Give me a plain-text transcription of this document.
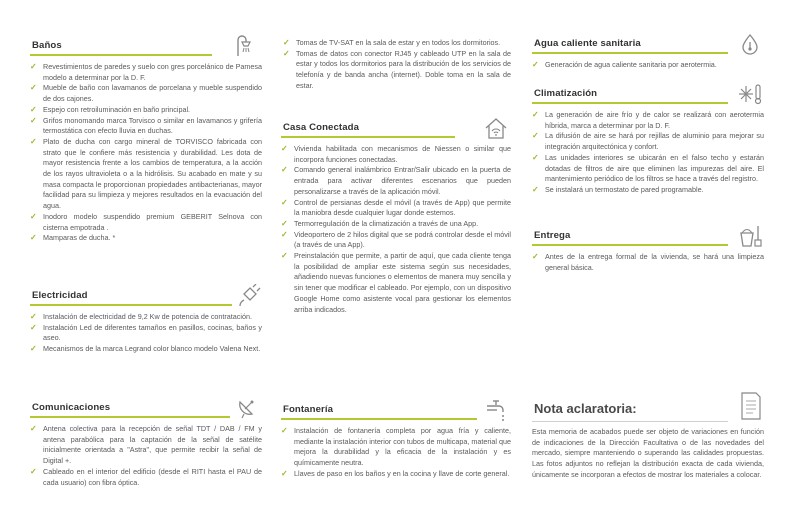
Baños
✓ Revestimientos de paredes y suelo con gres porcelánico de Pamesa modelo a determinar por la D. F.
✓ Mueble de baño con lavamanos de porcelana y mueble suspendido de dos cajones.
✓ Espejo con retroiluminación en baño principal.
✓ Grifos monomando marca Torvisco o similar en lavamanos y grifería termostática con efecto lluvia en duchas.
✓ Plato de ducha con cargo mineral de TORVISCO fabricada con strato que le confiere más resistencia y durabilidad. Les dota de mayor resistencia frente a los cambios de temperatura, a la acción de los rayos ultravioleta o a la hidrólisis. Su acabado en mate y su masa compacta le proporcionan propiedades antibacterianas, mayor facilidad para su limpieza y mejores resultados en la evacuación del agua.
✓ Inodoro modelo suspendido premium GEBERIT Selnova con cisterna empotrada .
✓ Mamparas de ducha. *
Electricidad
✓ Instalación de electricidad de 9,2 Kw de potencia de contratación.
✓ Instalación Led de diferentes tamaños en pasillos, cocinas, baños y aseo.
✓ Mecanismos de la marca Legrand color blanco modelo Valena Next.
Comunicaciones
✓ Antena colectiva para la recepción de señal TDT / DAB / FM y antena parabólica para la captación de la señal de satélite inicialmente orientada a "Astra", que permite recibir la señal de Digital +.
✓ Cableado en el interior del edificio (desde el RITI hasta el PAU de cada usuario) con fibra óptica.
✓ Tomas de TV-SAT en la sala de estar y en todos los dormitorios.
✓ Tomas de datos con conector RJ45 y cableado UTP en la sala de estar y todos los dormitorios para la distribución de los servicios de telefonía y de banda ancha (internet). Doble toma en la sala de estar.
Casa Conectada
✓ Vivienda habilitada con mecanismos de Niessen o similar que incorpora funciones conectadas.
✓ Comando general inalámbrico Entrar/Salir ubicado en la puerta de entrada para activar diferentes escenarios que pueden personalizarse a través de la aplicación móvil.
✓ Control de persianas desde el móvil (a través de App) que permite la maniobra desde cualquier lugar donde estemos.
✓ Termorregulación de la climatización a través de una App.
✓ Videoportero de 2 hilos digital que se podrá controlar desde el móvil (a través de una App).
✓ Preinstalación que permite, a partir de aquí, que cada cliente tenga la posibilidad de ampliar este sistema según sus necesidades, añadiendo nuevas funciones o elementos de manera muy sencilla y sin tener que modificar el cableado. Por ejemplo, con un dispositivo Google Home como asistente vocal para gestionar los elementos arriba indicados.
Fontanería
✓ Instalación de fontanería completa por agua fría y caliente, mediante la instalación interior con tubos de multicapa, material que mejora la durabilidad y la eficacia de la instalación y es químicamente neutra.
✓ Llaves de paso en los baños y en la cocina y llave de corte general.
Agua caliente sanitaria
✓ Generación de agua caliente sanitaria por aerotermia.
Climatización
✓ La generación de aire frío y de calor se realizará con aerotermia híbrida, marca a determinar por la D. F.
✓ La difusión de aire se hará por rejillas de aluminio para mejorar su integración arquitectónica y confort.
✓ Las unidades interiores se ubicarán en el falso techo y estarán dotadas de filtros de aire que eliminen las impurezas del aire. El mantenimiento periódico de los filtros se hace a través del registro.
✓ Se instalará un termostato de pared programable.
Entrega
✓ Antes de la entrega formal de la vivienda, se hará una limpieza general básica.
Nota aclaratoria:

Esta memoria de acabados puede ser objeto de variaciones en función de indicaciones de la Dirección Facultativa o de las novedades del mercado, siempre manteniendo o superando las calidades propuestas. Las fotos adjuntos no reflejan la distribución exacta de cada vivienda, únicamente se incorporan a efectos de mostrar los materiales a colocar.
